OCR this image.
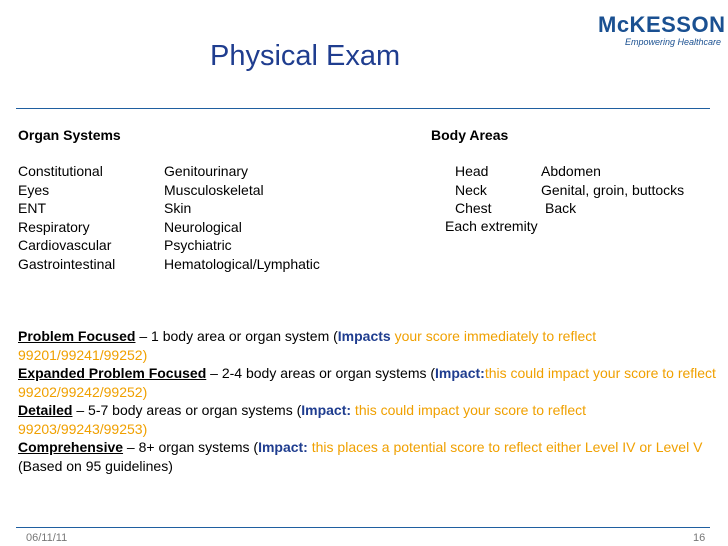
Physical Exam
McKESSON
Empowering Healthcare
Organ Systems
Constitutional
Eyes
ENT
Respiratory
Cardiovascular
Gastrointestinal
Genitourinary
Musculoskeletal
Skin
Neurological
Psychiatric
Hematological/Lymphatic
Body Areas
Head
Neck
Chest
Abdomen
Genital, groin, buttocks
Back
Each extremity

Problem Focused – 1 body area or organ system (Impacts your score immediately to reflect 99201/99241/99252)

Expanded Problem Focused – 2-4 body areas or organ systems (Impact:this could impact your score to reflect 99202/99242/99252)

Detailed – 5-7 body areas or organ systems (Impact: this could impact your score to reflect 99203/99243/99253)

Comprehensive – 8+ organ systems (Impact: this places a potential score to reflect either Level IV or Level V

(Based on 95 guidelines)

06/11/11	16
